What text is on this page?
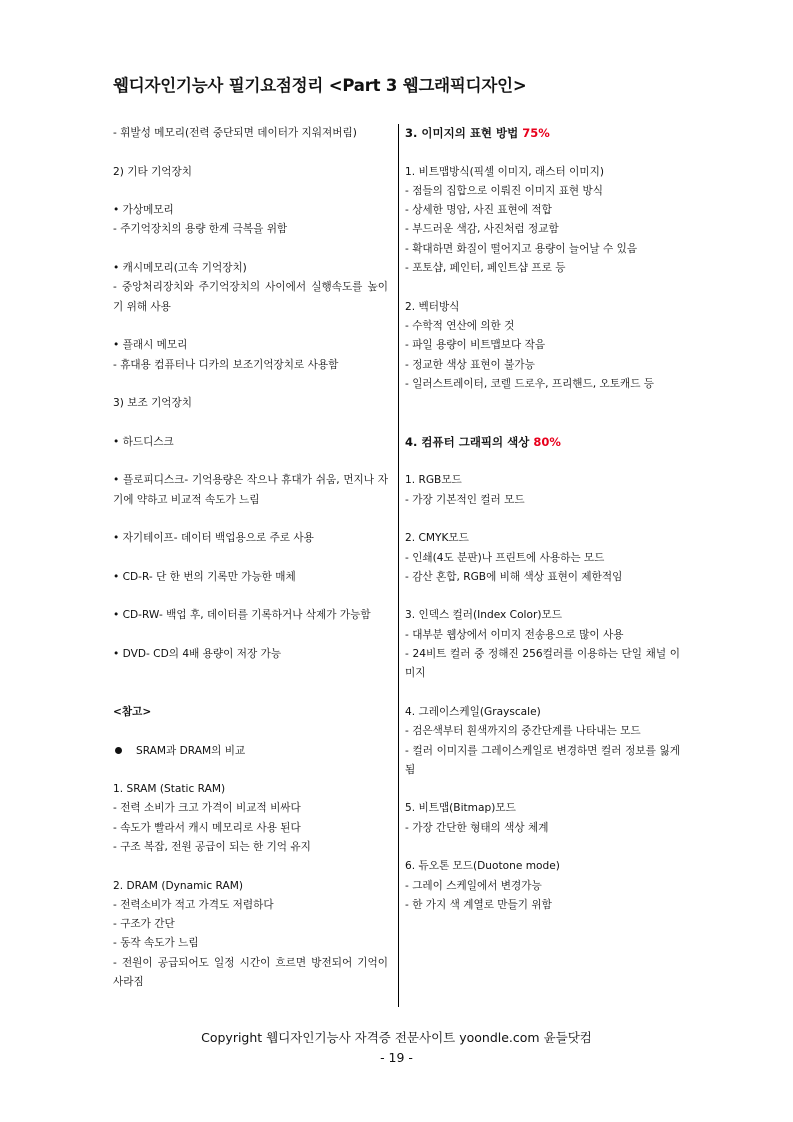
웹디자인기능사 필기요점정리 <Part 3 웹그래픽디자인>
- 휘발성 메모리(전력 중단되면 데이터가 지워져버림)
2) 기타 기억장치
• 가상메모리
- 주기억장치의 용량 한계 극복을 위함
• 캐시메모리(고속 기억장치)
- 중앙처리장치와 주기억장치의 사이에서 실행속도를 높이기 위해 사용
• 플래시 메모리
- 휴대용 컴퓨터나 디카의 보조기억장치로 사용함
3) 보조 기억장치
• 하드디스크
• 플로피디스크- 기억용량은 작으나 휴대가 쉬움, 먼지나 자기에 약하고 비교적 속도가 느림
• 자기테이프- 데이터 백업용으로 주로 사용
• CD-R- 단 한 번의 기록만 가능한 매체
• CD-RW- 백업 후, 데이터를 기록하거나 삭제가 가능함
• DVD- CD의 4배 용량이 저장 가능
<참고>
SRAM과 DRAM의 비교
1. SRAM (Static RAM)
- 전력 소비가 크고 가격이 비교적 비싸다
- 속도가 빨라서 캐시 메모리로 사용 된다
- 구조 복잡, 전원 공급이 되는 한 기억 유지
2. DRAM (Dynamic RAM)
- 전력소비가 적고 가격도 저렴하다
- 구조가 간단
- 동작 속도가 느림
- 전원이 공급되어도 일정 시간이 흐르면 방전되어 기억이 사라짐
3. 이미지의 표현 방법 75%
1. 비트맵방식(픽셀 이미지, 래스터 이미지)
- 점들의 집합으로 이뤄진 이미지 표현 방식
- 상세한 명암, 사진 표현에 적합
- 부드러운 색감, 사진처럼 정교함
- 확대하면 화질이 떨어지고 용량이 늘어날 수 있음
- 포토샵, 페인터, 페인트샵 프로 등
2. 벡터방식
- 수학적 연산에 의한 것
- 파일 용량이 비트맵보다 작음
- 정교한 색상 표현이 불가능
- 일러스트레이터, 코렐 드로우, 프리핸드, 오토캐드 등
4. 컴퓨터 그래픽의 색상 80%
1. RGB모드
- 가장 기본적인 컬러 모드
2. CMYK모드
- 인쇄(4도 분판)나 프린트에 사용하는 모드
- 감산 혼합, RGB에 비해 색상 표현이 제한적임
3. 인덱스 컬러(Index Color)모드
- 대부분 웹상에서 이미지 전송용으로 많이 사용
- 24비트 컬러 중 정해진 256컬러를 이용하는 단일 채널 이미지
4. 그레이스케일(Grayscale)
- 검은색부터 흰색까지의 중간단계를 나타내는 모드
- 컬러 이미지를 그레이스케일로 변경하면 컬러 정보를 잃게 됨
5. 비트맵(Bitmap)모드
- 가장 간단한 형태의 색상 체계
6. 듀오톤 모드(Duotone mode)
- 그레이 스케일에서 변경가능
- 한 가지 색 계열로 만들기 위함
Copyright 웹디자인기능사 자격증 전문사이트 yoondle.com 윤들닷컴
- 19 -
